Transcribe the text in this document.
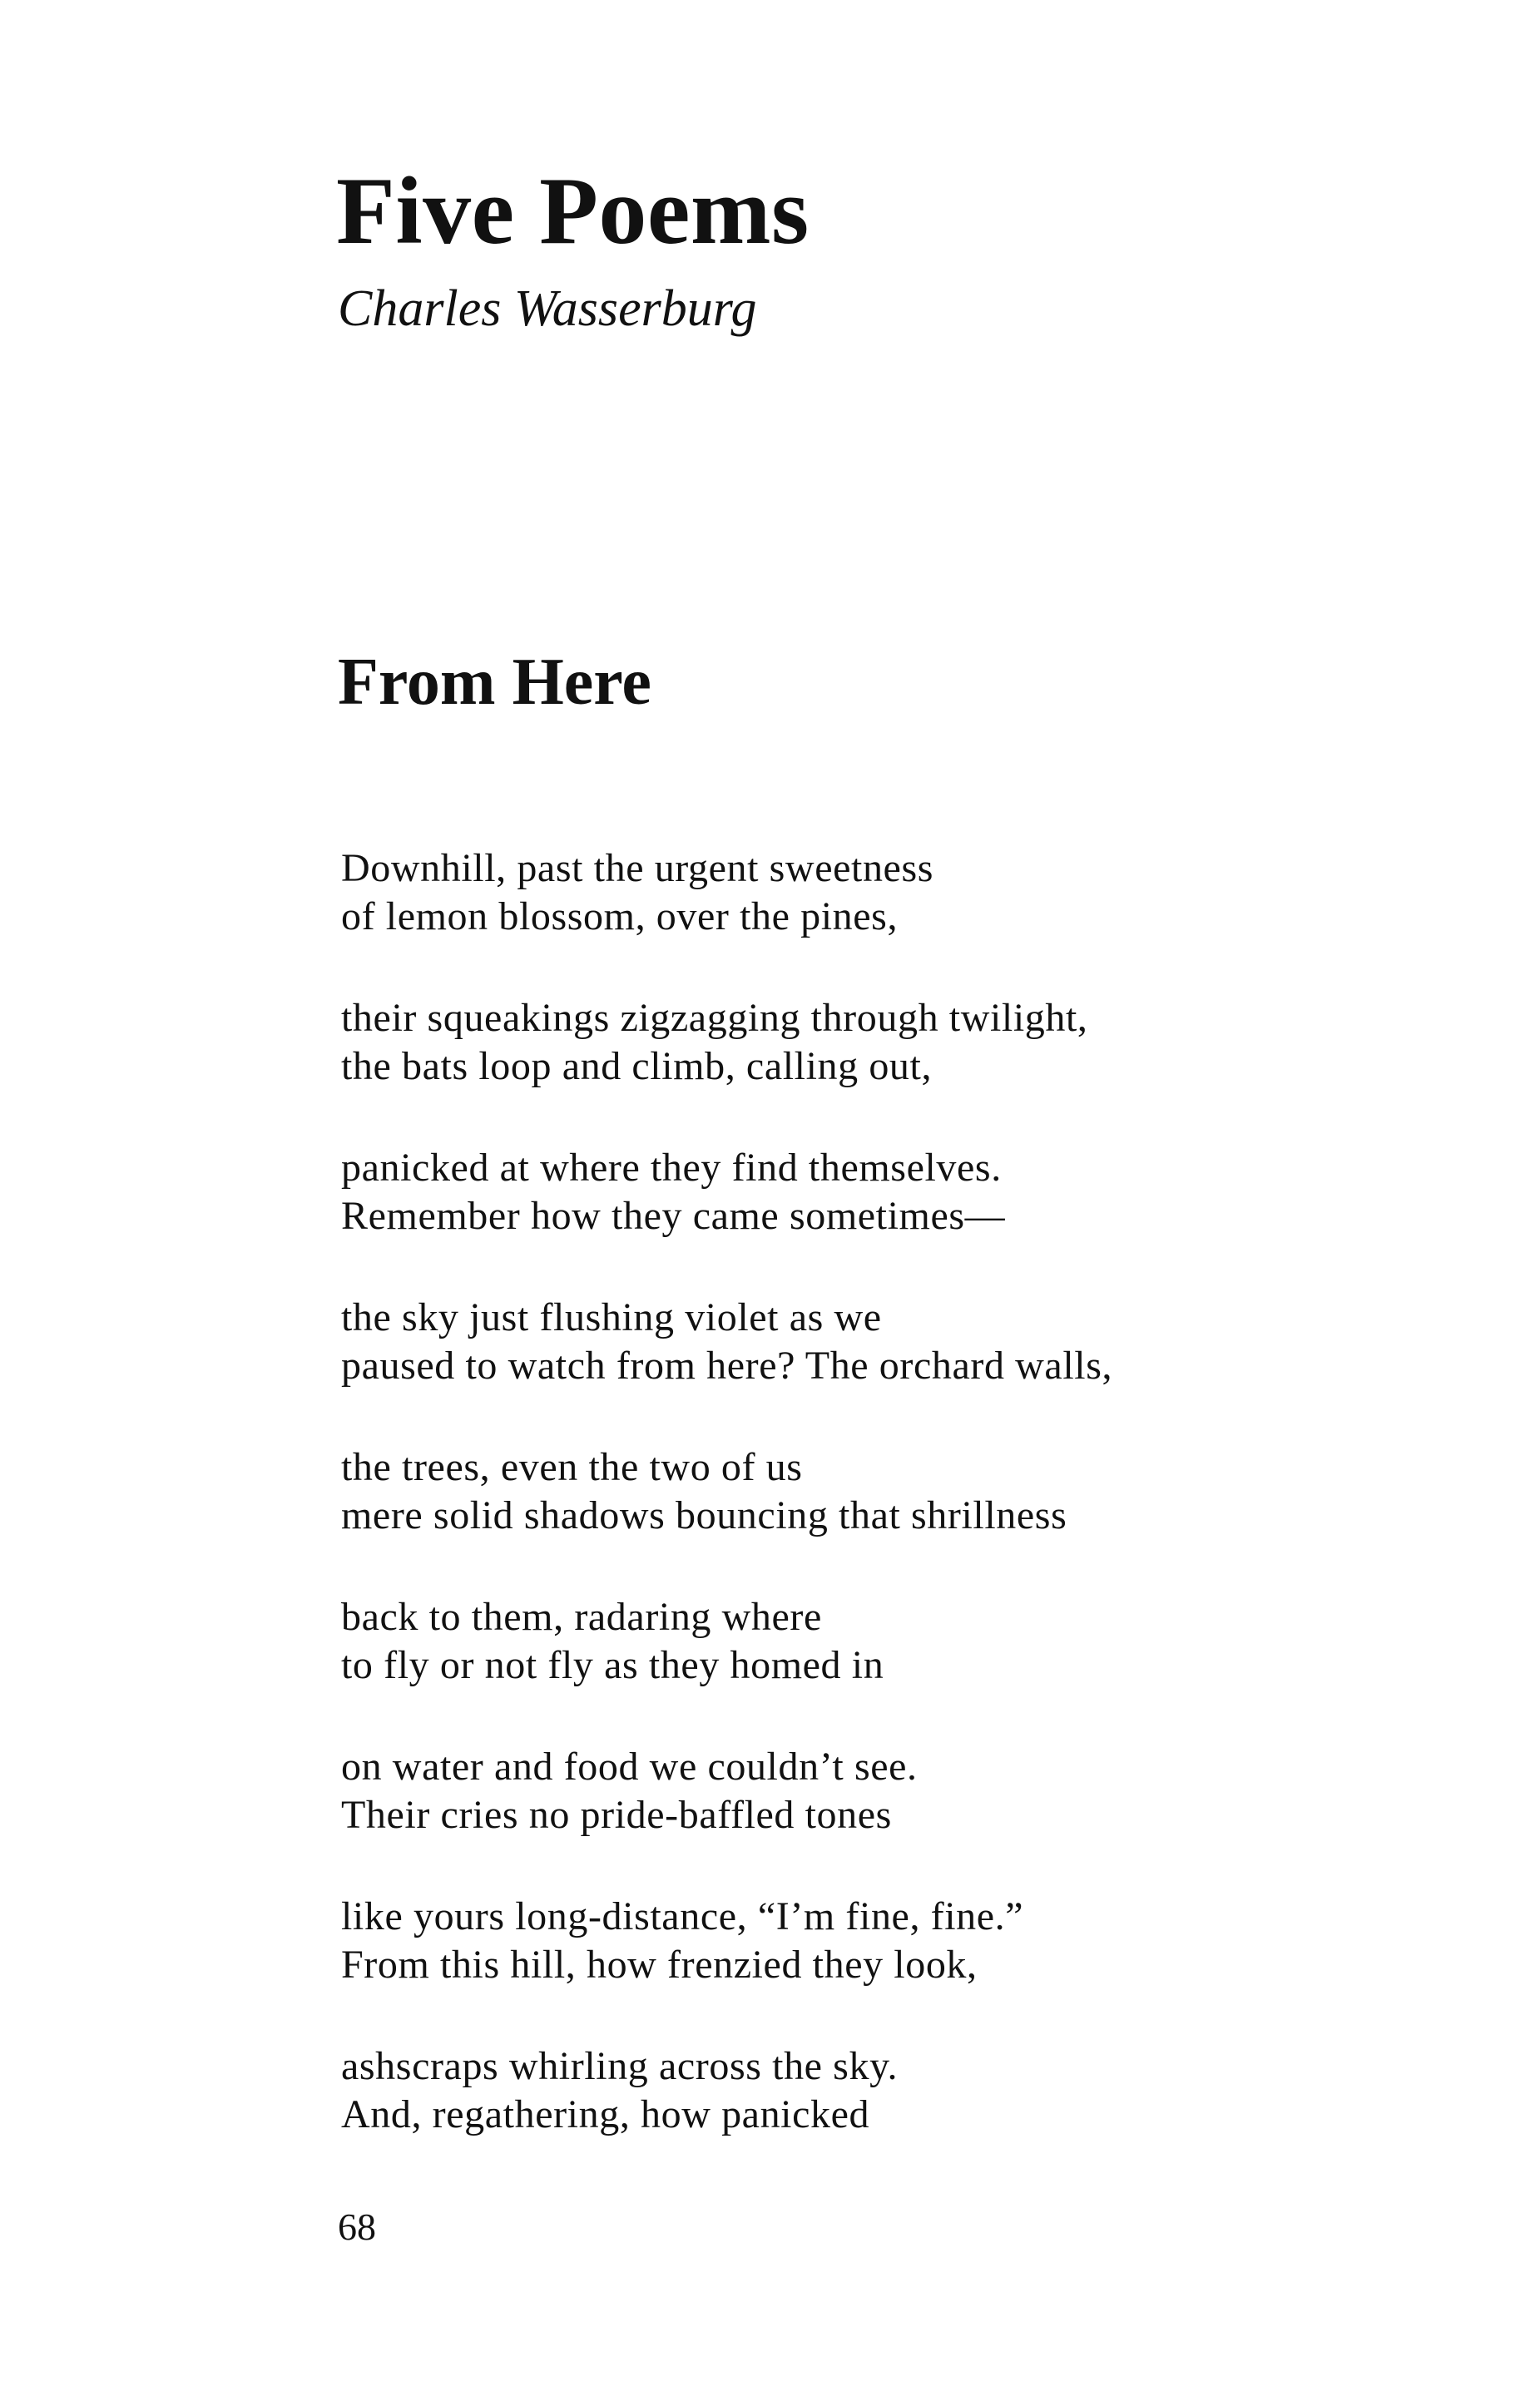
Five Poems

Charles Wasserburg

From Here

Downhill, past the urgent sweetness
of lemon blossom, over the pines,

their squeakings zigzagging through twilight,
the bats loop and climb, calling out,

panicked at where they find themselves.
Remember how they came sometimes—

the sky just flushing violet as we
paused to watch from here? The orchard walls,

the trees, even the two of us
mere solid shadows bouncing that shrillness

back to them, radaring where
to fly or not fly as they homed in

on water and food we couldn’t see.
Their cries no pride-baffled tones

like yours long-distance, “I’m fine, fine.”
From this hill, how frenzied they look,

ashscraps whirling across the sky.
And, regathering, how panicked

68
